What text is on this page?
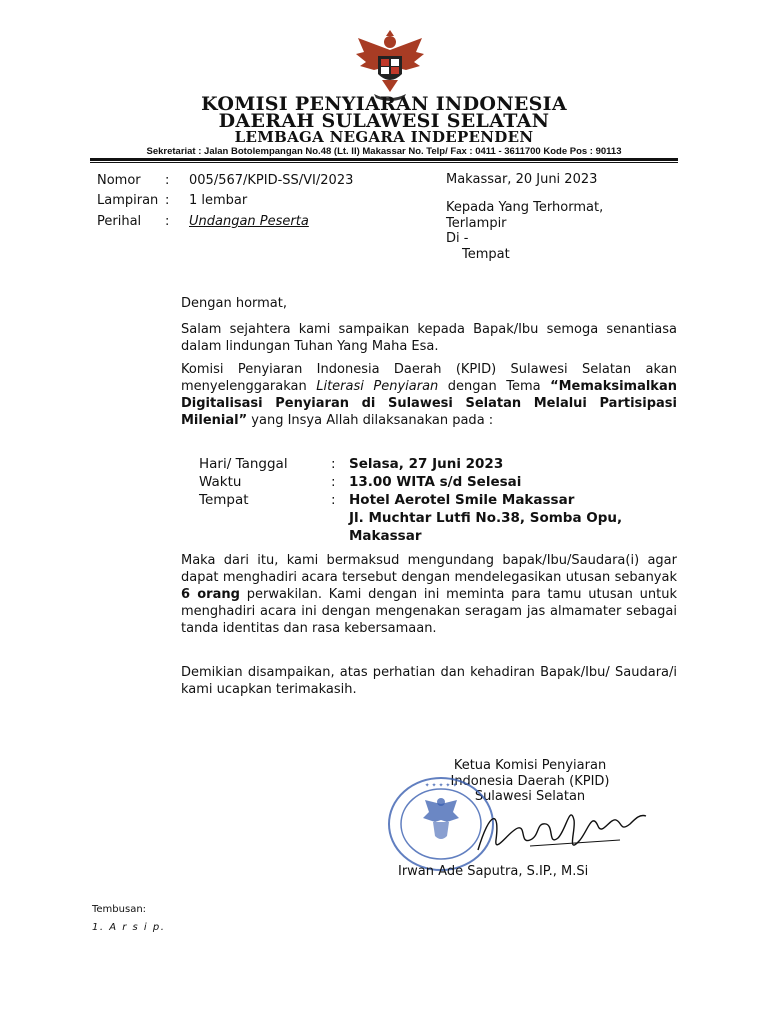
KOMISI PENYIARAN INDONESIA
DAERAH SULAWESI SELATAN
LEMBAGA NEGARA INDEPENDEN
Sekretariat : Jalan Botolempangan No.48 (Lt. II) Makassar No. Telp/ Fax : 0411 - 3611700 Kode Pos : 90113
Nomor : 005/567/KPID-SS/VI/2023
Lampiran : 1 lembar
Perihal : Undangan Peserta
Makassar, 20 Juni 2023
Kepada Yang Terhormat,
Terlampir
Di -
Tempat
Dengan hormat,
Salam sejahtera kami sampaikan kepada Bapak/Ibu semoga senantiasa dalam lindungan Tuhan Yang Maha Esa.
Komisi Penyiaran Indonesia Daerah (KPID) Sulawesi Selatan akan menyelenggarakan Literasi Penyiaran dengan Tema “Memaksimalkan Digitalisasi Penyiaran di Sulawesi Selatan Melalui Partisipasi Milenial” yang Insya Allah dilaksanakan pada :
Hari/ Tanggal	: Selasa, 27 Juni 2023
Waktu	: 13.00 WITA s/d Selesai
Tempat	: Hotel Aerotel Smile Makassar
Jl. Muchtar Lutfi No.38, Somba Opu,
Makassar
Maka dari itu, kami bermaksud mengundang bapak/Ibu/Saudara(i) agar dapat menghadiri acara tersebut dengan mendelegasikan utusan sebanyak 6 orang perwakilan. Kami dengan ini meminta para tamu utusan untuk menghadiri acara ini dengan mengenakan seragam jas almamater sebagai tanda identitas dan rasa kebersamaan.
Demikian disampaikan, atas perhatian dan kehadiran Bapak/Ibu/ Saudara/i kami ucapkan terimakasih.
Ketua Komisi Penyiaran
Indonesia Daerah (KPID)
Sulawesi Selatan
✦ ✦ ✦ ✦ ✦
Irwan Ade Saputra, S.IP., M.Si
Tembusan:
1. A r s i p.
